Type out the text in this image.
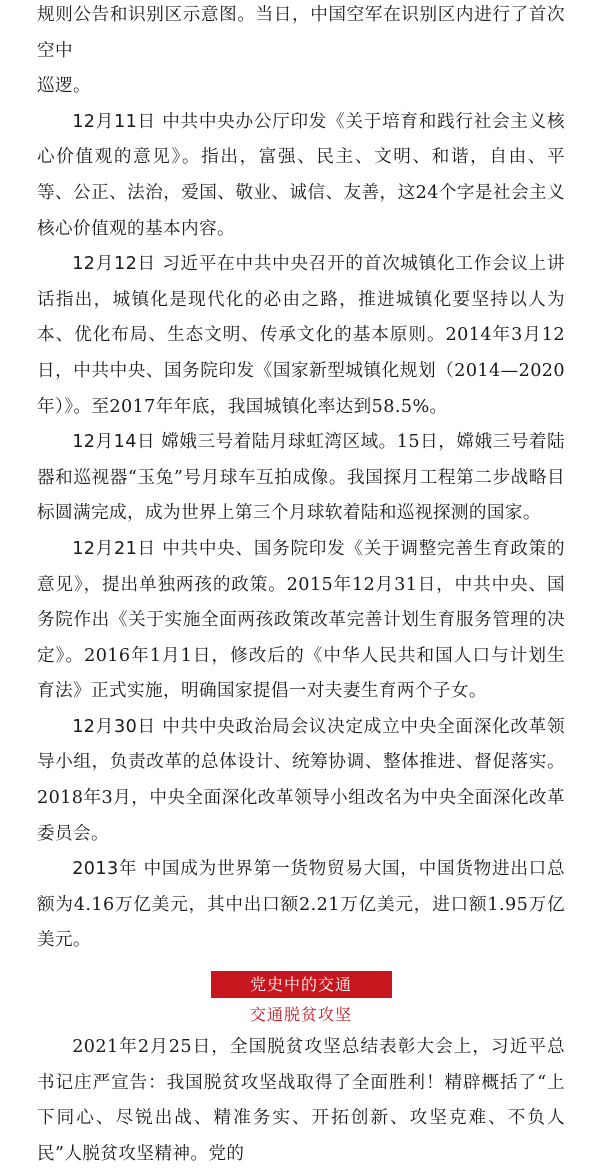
规则公告和识别区示意图。当日，中国空军在识别区内进行了首次空中
巡逻。

12月11日 中共中央办公厅印发《关于培育和践行社会主义核心价值观的意见》。指出，富强、民主、文明、和谐，自由、平等、公正、法治，爱国、敬业、诚信、友善，这24个字是社会主义核心价值观的基本内容。

12月12日 习近平在中共中央召开的首次城镇化工作会议上讲话指出，城镇化是现代化的必由之路，推进城镇化要坚持以人为本、优化布局、生态文明、传承文化的基本原则。2014年3月12日，中共中央、国务院印发《国家新型城镇化规划（2014—2020年）》。至2017年年底，我国城镇化率达到58.5%。

12月14日 嫦娥三号着陆月球虹湾区域。15日，嫦娥三号着陆器和巡视器“玉兔”号月球车互拍成像。我国探月工程第二步战略目标圆满完成，成为世界上第三个月球软着陆和巡视探测的国家。

12月21日 中共中央、国务院印发《关于调整完善生育政策的意见》，提出单独两孩的政策。2015年12月31日，中共中央、国务院作出《关于实施全面两孩政策改革完善计划生育服务管理的决定》。2016年1月1日，修改后的《中华人民共和国人口与计划生育法》正式实施，明确国家提倡一对夫妻生育两个子女。

12月30日 中共中央政治局会议决定成立中央全面深化改革领导小组，负责改革的总体设计、统筹协调、整体推进、督促落实。2018年3月，中央全面深化改革领导小组改名为中央全面深化改革委员会。

2013年 中国成为世界第一货物贸易大国，中国货物进出口总额为4.16万亿美元，其中出口额2.21万亿美元，进口额1.95万亿美元。

党史中的交通
交通脱贫攻坚

2021年2月25日，全国脱贫攻坚总结表彰大会上，习近平总书记庄严宣告：我国脱贫攻坚战取得了全面胜利！精辟概括了“上下同心、尽锐出战、精准务实、开拓创新、攻坚克难、不负人民”人脱贫攻坚精神。党的
